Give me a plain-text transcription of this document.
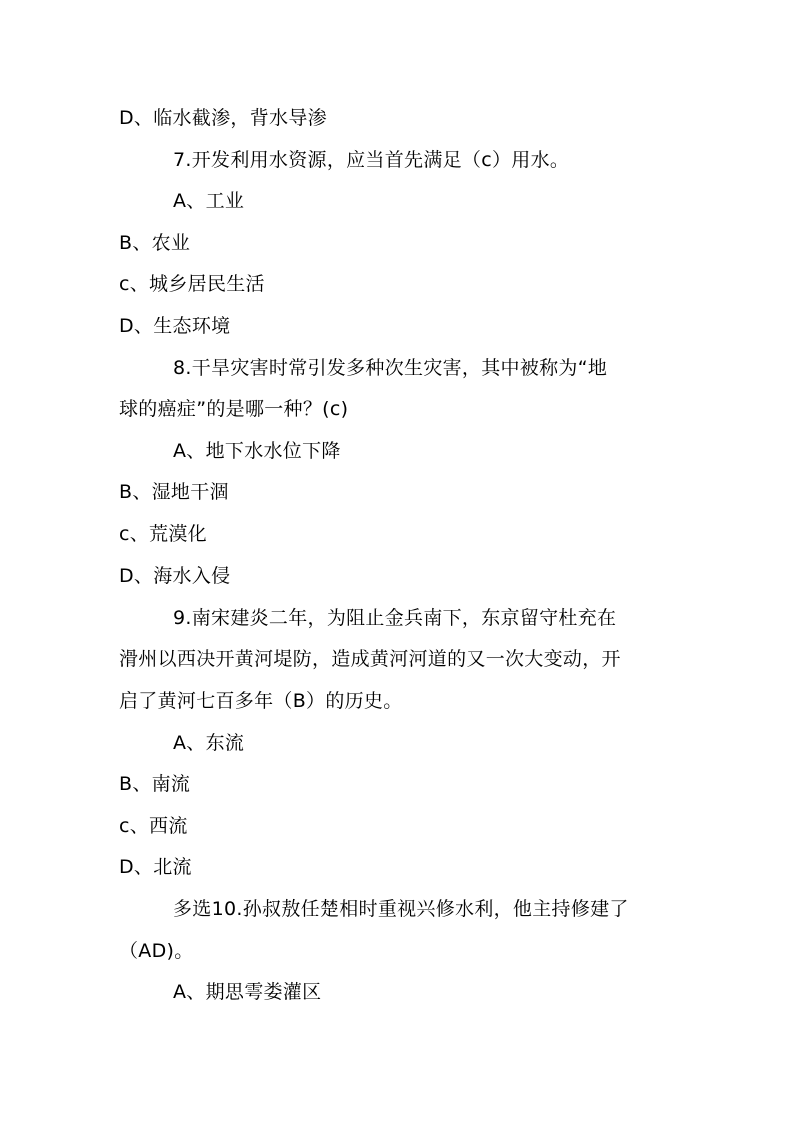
D、临水截渗，背水导渗
7.开发利用水资源，应当首先满足（c）用水。
A、工业
B、农业
c、城乡居民生活
D、生态环境
8.干旱灾害时常引发多种次生灾害，其中被称为“地
球的癌症”的是哪一种？(c)
A、地下水水位下降
B、湿地干涸
c、荒漠化
D、海水入侵
9.南宋建炎二年，为阻止金兵南下，东京留守杜充在
滑州以西决开黄河堤防，造成黄河河道的又一次大变动，开
启了黄河七百多年（B）的历史。
A、东流
B、南流
c、西流
D、北流
多选10.孙叔敖任楚相时重视兴修水利，他主持修建了
（AD)。
A、期思雩娄灌区
